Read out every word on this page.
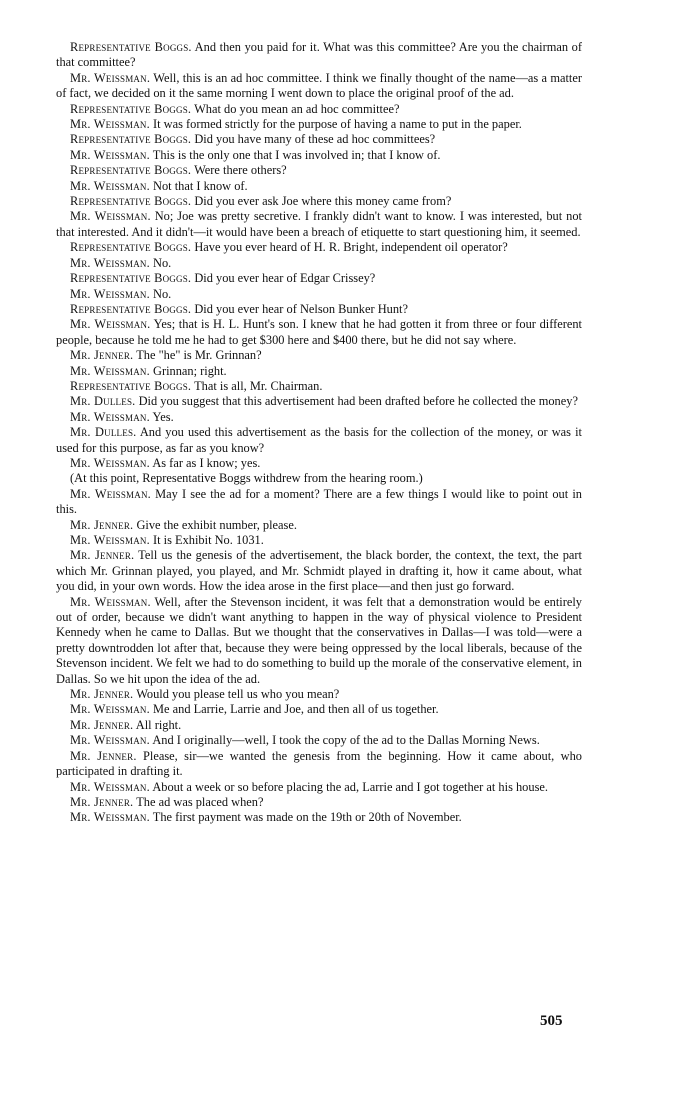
Representative Boggs. And then you paid for it. What was this committee? Are you the chairman of that committee?

Mr. Weissman. Well, this is an ad hoc committee. I think we finally thought of the name—as a matter of fact, we decided on it the same morning I went down to place the original proof of the ad.

Representative Boggs. What do you mean an ad hoc committee?

Mr. Weissman. It was formed strictly for the purpose of having a name to put in the paper.

Representative Boggs. Did you have many of these ad hoc committees?

Mr. Weissman. This is the only one that I was involved in; that I know of.

Representative Boggs. Were there others?

Mr. Weissman. Not that I know of.

Representative Boggs. Did you ever ask Joe where this money came from?

Mr. Weissman. No; Joe was pretty secretive. I frankly didn't want to know. I was interested, but not that interested. And it didn't—it would have been a breach of etiquette to start questioning him, it seemed.

Representative Boggs. Have you ever heard of H. R. Bright, independent oil operator?

Mr. Weissman. No.

Representative Boggs. Did you ever hear of Edgar Crissey?

Mr. Weissman. No.

Representative Boggs. Did you ever hear of Nelson Bunker Hunt?

Mr. Weissman. Yes; that is H. L. Hunt's son. I knew that he had gotten it from three or four different people, because he told me he had to get $300 here and $400 there, but he did not say where.

Mr. Jenner. The "he" is Mr. Grinnan?

Mr. Weissman. Grinnan; right.

Representative Boggs. That is all, Mr. Chairman.

Mr. Dulles. Did you suggest that this advertisement had been drafted before he collected the money?

Mr. Weissman. Yes.

Mr. Dulles. And you used this advertisement as the basis for the collection of the money, or was it used for this purpose, as far as you know?

Mr. Weissman. As far as I know; yes.

(At this point, Representative Boggs withdrew from the hearing room.)

Mr. Weissman. May I see the ad for a moment? There are a few things I would like to point out in this.

Mr. Jenner. Give the exhibit number, please.

Mr. Weissman. It is Exhibit No. 1031.

Mr. Jenner. Tell us the genesis of the advertisement, the black border, the context, the text, the part which Mr. Grinnan played, you played, and Mr. Schmidt played in drafting it, how it came about, what you did, in your own words. How the idea arose in the first place—and then just go forward.

Mr. Weissman. Well, after the Stevenson incident, it was felt that a demonstration would be entirely out of order, because we didn't want anything to happen in the way of physical violence to President Kennedy when he came to Dallas. But we thought that the conservatives in Dallas—I was told—were a pretty downtrodden lot after that, because they were being oppressed by the local liberals, because of the Stevenson incident. We felt we had to do something to build up the morale of the conservative element, in Dallas. So we hit upon the idea of the ad.

Mr. Jenner. Would you please tell us who you mean?

Mr. Weissman. Me and Larrie, Larrie and Joe, and then all of us together.

Mr. Jenner. All right.

Mr. Weissman. And I originally—well, I took the copy of the ad to the Dallas Morning News.

Mr. Jenner. Please, sir—we wanted the genesis from the beginning. How it came about, who participated in drafting it.

Mr. Weissman. About a week or so before placing the ad, Larrie and I got together at his house.

Mr. Jenner. The ad was placed when?

Mr. Weissman. The first payment was made on the 19th or 20th of November.

505
